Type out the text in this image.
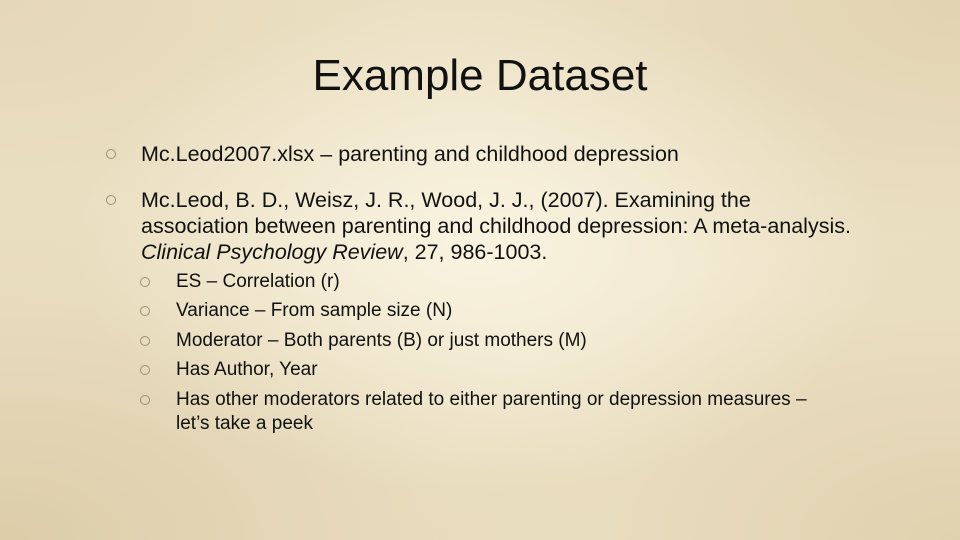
Example Dataset
Mc.Leod2007.xlsx – parenting and childhood depression
Mc.Leod, B. D., Weisz, J. R., Wood, J. J., (2007). Examining the association between parenting and childhood depression: A meta-analysis. Clinical Psychology Review, 27, 986-1003.
ES – Correlation (r)
Variance – From sample size (N)
Moderator – Both parents (B) or just mothers (M)
Has Author, Year
Has other moderators related to either parenting or depression measures – let’s take a peek
